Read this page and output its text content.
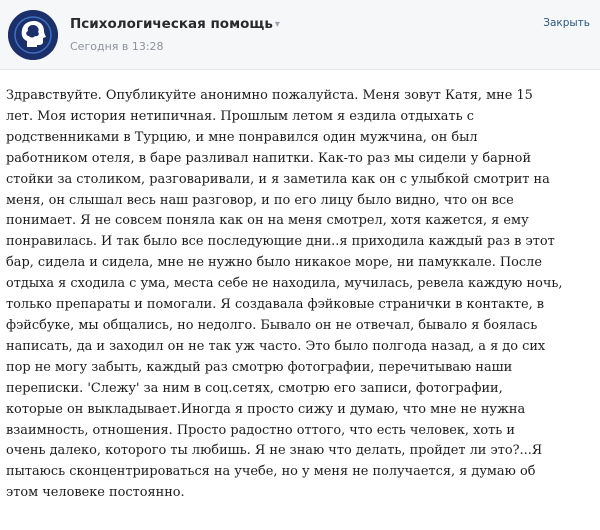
Психологическая помощь ▾
Сегодня в 13:28
Закрыть
Здравствуйте. Опубликуйте анонимно пожалуйста. Меня зовут Катя, мне 15
лет. Моя история нетипичная. Прошлым летом я ездила отдыхать с
родственниками в Турцию, и мне понравился один мужчина, он был
работником отеля, в баре разливал напитки. Как-то раз мы сидели у барной
стойки за столиком, разговаривали, и я заметила как он с улыбкой смотрит на
меня, он слышал весь наш разговор, и по его лицу было видно, что он все
понимает. Я не совсем поняла как он на меня смотрел, хотя кажется, я ему
понравилась. И так было все последующие дни..я приходила каждый раз в этот
бар, сидела и сидела, мне не нужно было никакое море, ни памуккале. После
отдыха я сходила с ума, места себе не находила, мучилась, ревела каждую ночь,
только препараты и помогали. Я создавала фэйковые странички в контакте, в
фэйсбуке, мы общались, но недолго. Бывало он не отвечал, бывало я боялась
написать, да и заходил он не так уж часто. Это было полгода назад, а я до сих
пор не могу забыть, каждый раз смотрю фотографии, перечитываю наши
переписки. 'Слежу' за ним в соц.сетях, смотрю его записи, фотографии,
которые он выкладывает.Иногда я просто сижу и думаю, что мне не нужна
взаимность, отношения. Просто радостно оттого, что есть человек, хоть и
очень далеко, которого ты любишь. Я не знаю что делать, пройдет ли это?...Я
пытаюсь сконцентрироваться на учебе, но у меня не получается, я думаю об
этом человеке постоянно.
